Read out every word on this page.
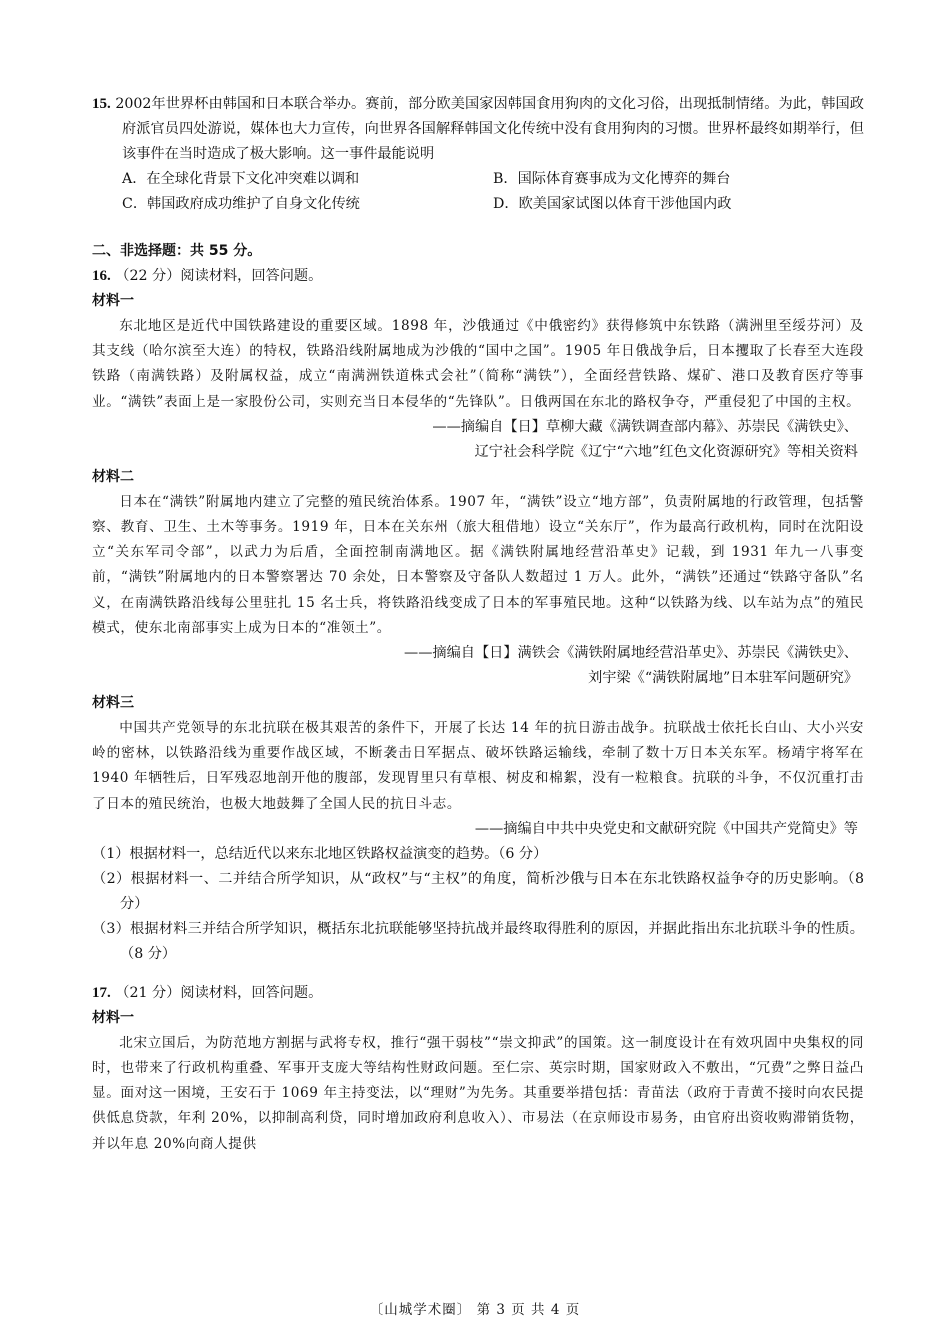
15. 2002年世界杯由韩国和日本联合举办。赛前，部分欧美国家因韩国食用狗肉的文化习俗，出现抵制情绪。为此，韩国政府派官员四处游说，媒体也大力宣传，向世界各国解释韩国文化传统中没有食用狗肉的习惯。世界杯最终如期举行，但该事件在当时造成了极大影响。这一事件最能说明
A．在全球化背景下文化冲突难以调和	B．国际体育赛事成为文化博弈的舞台
C．韩国政府成功维护了自身文化传统	D．欧美国家试图以体育干涉他国内政
二、非选择题：共 55 分。
16. （22 分）阅读材料，回答问题。
材料一
东北地区是近代中国铁路建设的重要区域。1898 年，沙俄通过《中俄密约》获得修筑中东铁路（满洲里至绥芬河）及其支线（哈尔滨至大连）的特权，铁路沿线附属地成为沙俄的“国中之国”。1905 年日俄战争后，日本攫取了长春至大连段铁路（南满铁路）及附属权益，成立“南满洲铁道株式会社”（简称“满铁”），全面经营铁路、煤矿、港口及教育医疗等事业。“满铁”表面上是一家股份公司，实则充当日本侵华的“先锋队”。日俄两国在东北的路权争夺，严重侵犯了中国的主权。
——摘编自【日】草柳大藏《满铁调查部内幕》、苏崇民《满铁史》、
辽宁社会科学院《辽宁“六地”红色文化资源研究》等相关资料
材料二
日本在“满铁”附属地内建立了完整的殖民统治体系。1907 年，“满铁”设立“地方部”，负责附属地的行政管理，包括警察、教育、卫生、土木等事务。1919 年，日本在关东州（旅大租借地）设立“关东厅”，作为最高行政机构，同时在沈阳设立“关东军司令部”，以武力为后盾，全面控制南满地区。据《满铁附属地经营沿革史》记载，到 1931 年九一八事变前，“满铁”附属地内的日本警察署达 70 余处，日本警察及守备队人数超过 1 万人。此外，“满铁”还通过“铁路守备队”名义，在南满铁路沿线每公里驻扎 15 名士兵，将铁路沿线变成了日本的军事殖民地。这种“以铁路为线、以车站为点”的殖民模式，使东北南部事实上成为日本的“准领土”。
——摘编自【日】满铁会《满铁附属地经营沿革史》、苏崇民《满铁史》、
刘宇梁《“满铁附属地”日本驻军问题研究》
材料三
中国共产党领导的东北抗联在极其艰苦的条件下，开展了长达 14 年的抗日游击战争。抗联战士依托长白山、大小兴安岭的密林，以铁路沿线为重要作战区域，不断袭击日军据点、破坏铁路运输线，牵制了数十万日本关东军。杨靖宇将军在 1940 年牺牲后，日军残忍地剖开他的腹部，发现胃里只有草根、树皮和棉絮，没有一粒粮食。抗联的斗争，不仅沉重打击了日本的殖民统治，也极大地鼓舞了全国人民的抗日斗志。
——摘编自中共中央党史和文献研究院《中国共产党简史》等
（1）根据材料一，总结近代以来东北地区铁路权益演变的趋势。（6 分）
（2）根据材料一、二并结合所学知识，从“政权”与“主权”的角度，简析沙俄与日本在东北铁路权益争夺的历史影响。（8 分）
（3）根据材料三并结合所学知识，概括东北抗联能够坚持抗战并最终取得胜利的原因，并据此指出东北抗联斗争的性质。（8 分）
17. （21 分）阅读材料，回答问题。
材料一
北宋立国后，为防范地方割据与武将专权，推行“强干弱枝”“崇文抑武”的国策。这一制度设计在有效巩固中央集权的同时，也带来了行政机构重叠、军事开支庞大等结构性财政问题。至仁宗、英宗时期，国家财政入不敷出，“冗费”之弊日益凸显。面对这一困境，王安石于 1069 年主持变法，以“理财”为先务。其重要举措包括：青苗法（政府于青黄不接时向农民提供低息贷款，年利 20%，以抑制高利贷，同时增加政府利息收入）、市易法（在京师设市易务，由官府出资收购滞销货物，并以年息 20%向商人提供
〔山城学术圈〕 第 3 页 共 4 页
